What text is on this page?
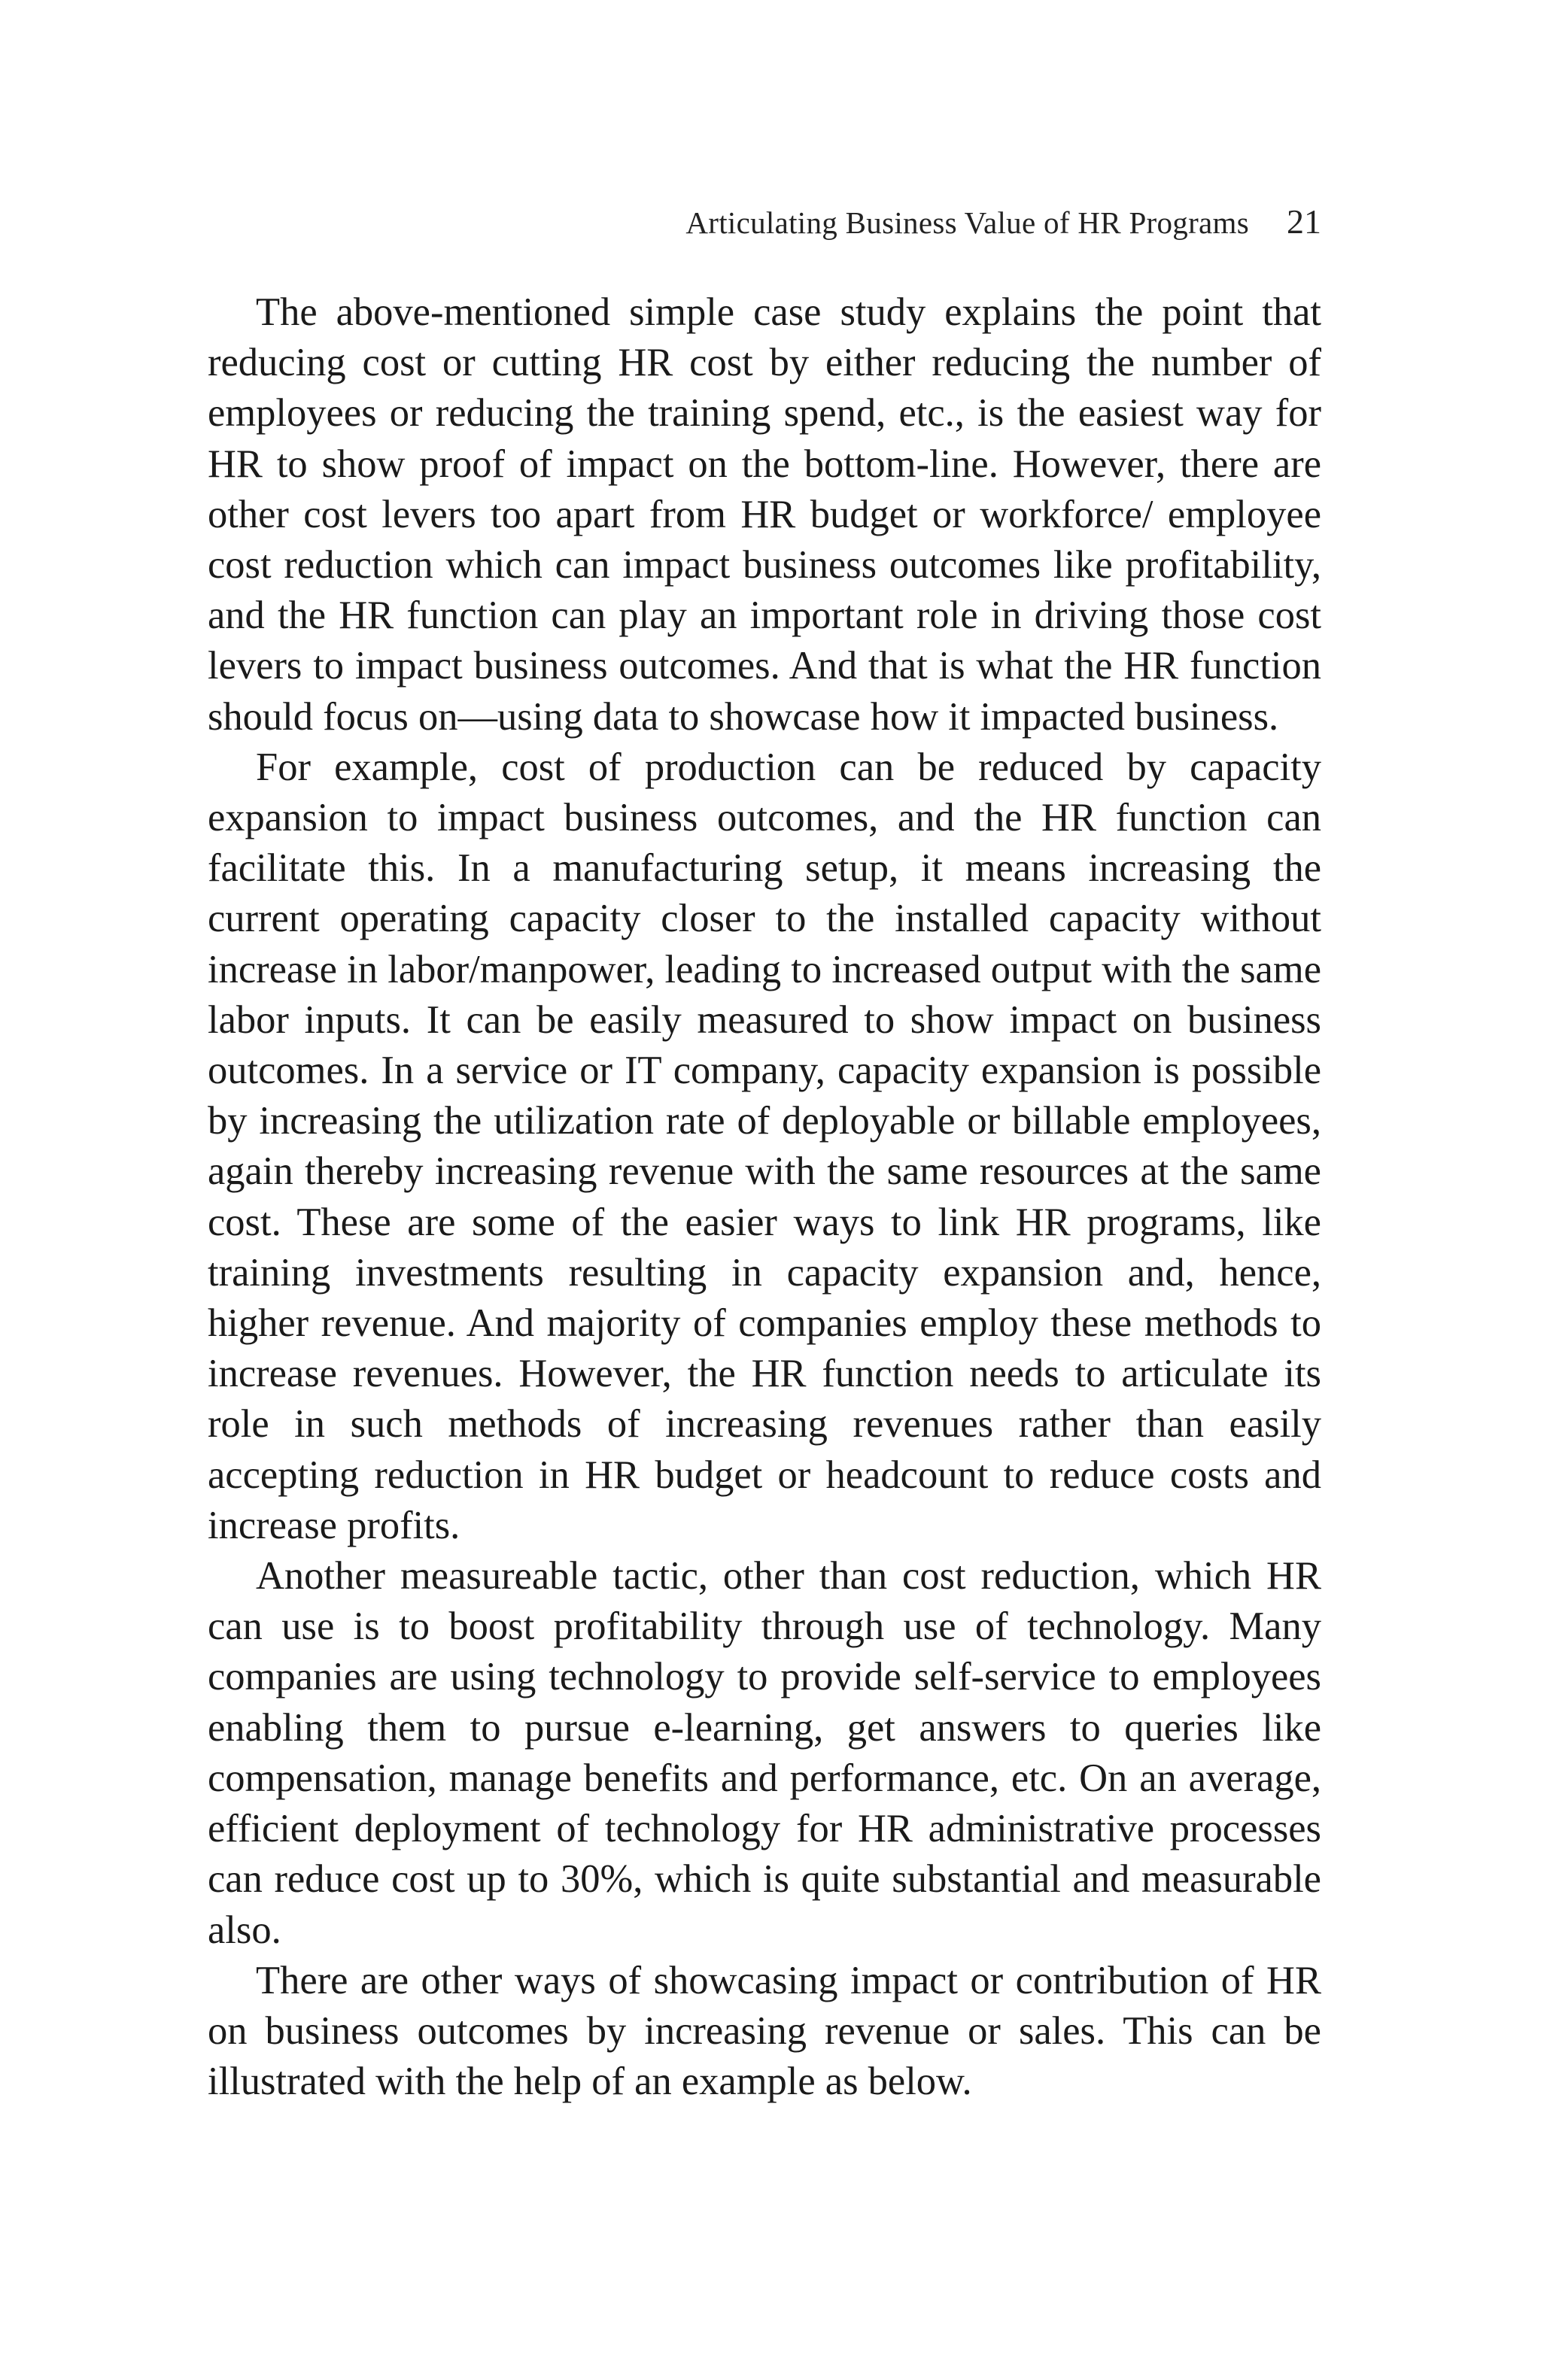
Articulating Business Value of HR Programs 21

The above-mentioned simple case study explains the point that reducing cost or cutting HR cost by either reducing the number of employees or reducing the training spend, etc., is the easiest way for HR to show proof of impact on the bottom-line. However, there are other cost levers too apart from HR budget or workforce/ employee cost reduction which can impact business outcomes like profitability, and the HR function can play an important role in driving those cost levers to impact business outcomes. And that is what the HR function should focus on—using data to showcase how it impacted business.

For example, cost of production can be reduced by capacity expansion to impact business outcomes, and the HR function can facilitate this. In a manufacturing setup, it means increasing the current operating capacity closer to the installed capacity without increase in labor/manpower, leading to increased output with the same labor inputs. It can be easily measured to show impact on business outcomes. In a service or IT company, capacity expansion is possible by increasing the utilization rate of deployable or billable employees, again thereby increasing revenue with the same resources at the same cost. These are some of the easier ways to link HR programs, like training investments resulting in capacity expansion and, hence, higher revenue. And majority of companies employ these methods to increase revenues. However, the HR function needs to articulate its role in such methods of increasing revenues rather than easily accepting reduction in HR budget or headcount to reduce costs and increase profits.

Another measureable tactic, other than cost reduction, which HR can use is to boost profitability through use of technology. Many companies are using technology to provide self-service to employees enabling them to pursue e-learning, get answers to queries like compensation, manage benefits and performance, etc. On an average, efficient deployment of technology for HR administrative processes can reduce cost up to 30%, which is quite substantial and measurable also.

There are other ways of showcasing impact or contribution of HR on business outcomes by increasing revenue or sales. This can be illustrated with the help of an example as below.
